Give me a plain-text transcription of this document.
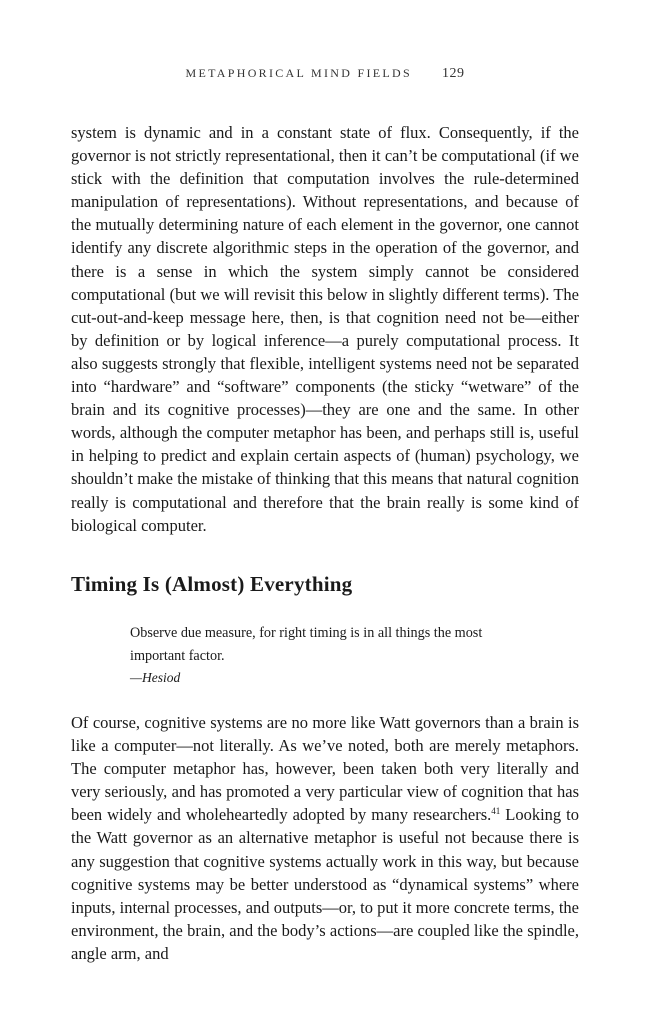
METAPHORICAL MIND FIELDS 129

system is dynamic and in a constant state of flux. Consequently, if the governor is not strictly representational, then it can’t be computational (if we stick with the definition that computation involves the rule-determined manipulation of representations). Without representations, and because of the mutually determining nature of each element in the governor, one cannot identify any discrete algorithmic steps in the operation of the governor, and there is a sense in which the system simply cannot be considered computational (but we will revisit this below in slightly different terms). The cut-out-and-keep message here, then, is that cognition need not be—either by definition or by logical inference—a purely computational process. It also suggests strongly that flexible, intelligent systems need not be separated into “hardware” and “software” components (the sticky “wetware” of the brain and its cognitive processes)—they are one and the same. In other words, although the computer metaphor has been, and perhaps still is, useful in helping to predict and explain certain aspects of (human) psychology, we shouldn’t make the mistake of thinking that this means that natural cognition really is computational and therefore that the brain really is some kind of biological computer.

Timing Is (Almost) Everything
Observe due measure, for right timing is in all things the most important factor.
—Hesiod

Of course, cognitive systems are no more like Watt governors than a brain is like a computer—not literally. As we’ve noted, both are merely metaphors. The computer metaphor has, however, been taken both very literally and very seriously, and has promoted a very particular view of cognition that has been widely and wholeheartedly adopted by many researchers.$^{41}$ Looking to the Watt governor as an alternative metaphor is useful not because there is any suggestion that cognitive systems actually work in this way, but because cognitive systems may be better understood as “dynamical systems” where inputs, internal processes, and outputs—or, to put it more concrete terms, the environment, the brain, and the body’s actions—are coupled like the spindle, angle arm, and
